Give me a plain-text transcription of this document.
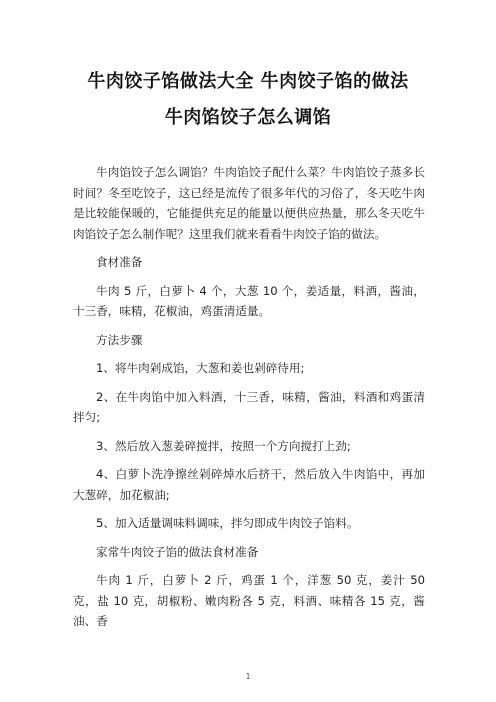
牛肉饺子馅做法大全 牛肉饺子馅的做法
牛肉馅饺子怎么调馅

牛肉馅饺子怎么调馅？牛肉馅饺子配什么菜？牛肉馅饺子蒸多长时间？冬至吃饺子，这已经是流传了很多年代的习俗了，冬天吃牛肉是比较能保暖的，它能提供充足的能量以便供应热量，那么冬天吃牛肉馅饺子怎么制作呢？这里我们就来看看牛肉饺子馅的做法。

食材准备

牛肉 5 斤，白萝卜 4 个，大葱 10 个，姜适量，料酒，酱油，十三香，味精，花椒油，鸡蛋清适量。

方法步骤

1、将牛肉剁成馅，大葱和姜也剁碎待用;

2、在牛肉馅中加入料酒，十三香，味精，酱油，料酒和鸡蛋清拌匀;

3、然后放入葱姜碎搅拌，按照一个方向搅打上劲;

4、白萝卜洗净擦丝剁碎焯水后挤干，然后放入牛肉馅中，再加大葱碎，加花椒油;

5、加入适量调味料调味，拌匀即成牛肉饺子馅料。

家常牛肉饺子馅的做法食材准备

牛肉 1 斤，白萝卜 2 斤，鸡蛋 1 个，洋葱 50 克，姜汁 50 克，盐 10 克，胡椒粉、嫩肉粉各 5 克，料酒、味精各 15 克，酱油、香

1
